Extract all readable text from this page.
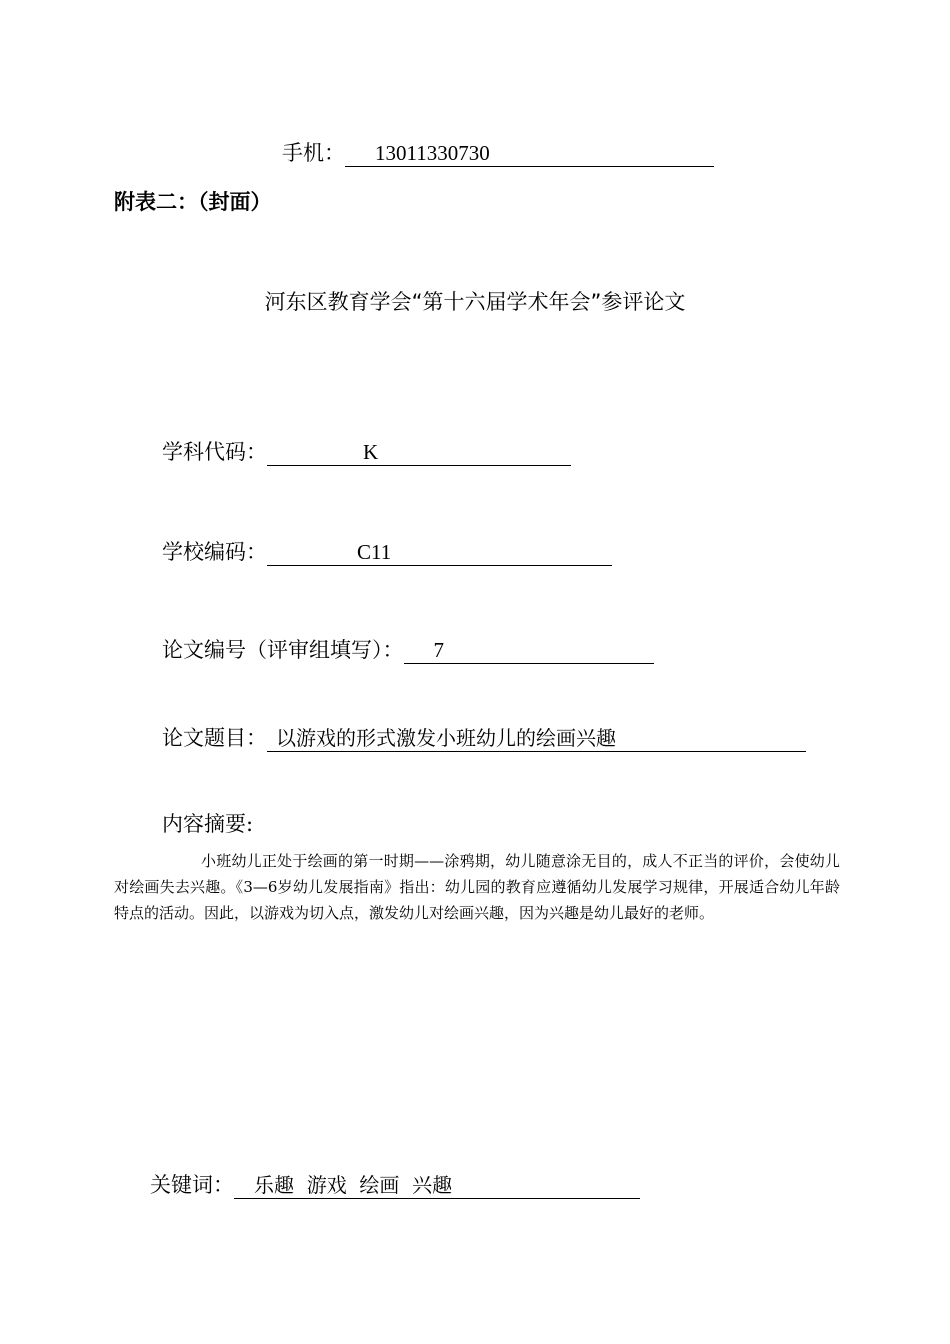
手机： 13011330730
附表二：（封面）
河东区教育学会“第十六届学术年会”参评论文
学科代码：	K
学校编码：	C11
论文编号（评审组填写）： 7
论文题目： 以游戏的形式激发小班幼儿的绘画兴趣
内容摘要:
小班幼儿正处于绘画的第一时期——涂鸦期，幼儿随意涂无目的，成人不正当的评价，会使幼儿对绘画失去兴趣。《3—6岁幼儿发展指南》指出：幼儿园的教育应遵循幼儿发展学习规律，开展适合幼儿年龄特点的活动。因此，以游戏为切入点，激发幼儿对绘画兴趣，因为兴趣是幼儿最好的老师。
关键词： 乐趣  游戏  绘画  兴趣
